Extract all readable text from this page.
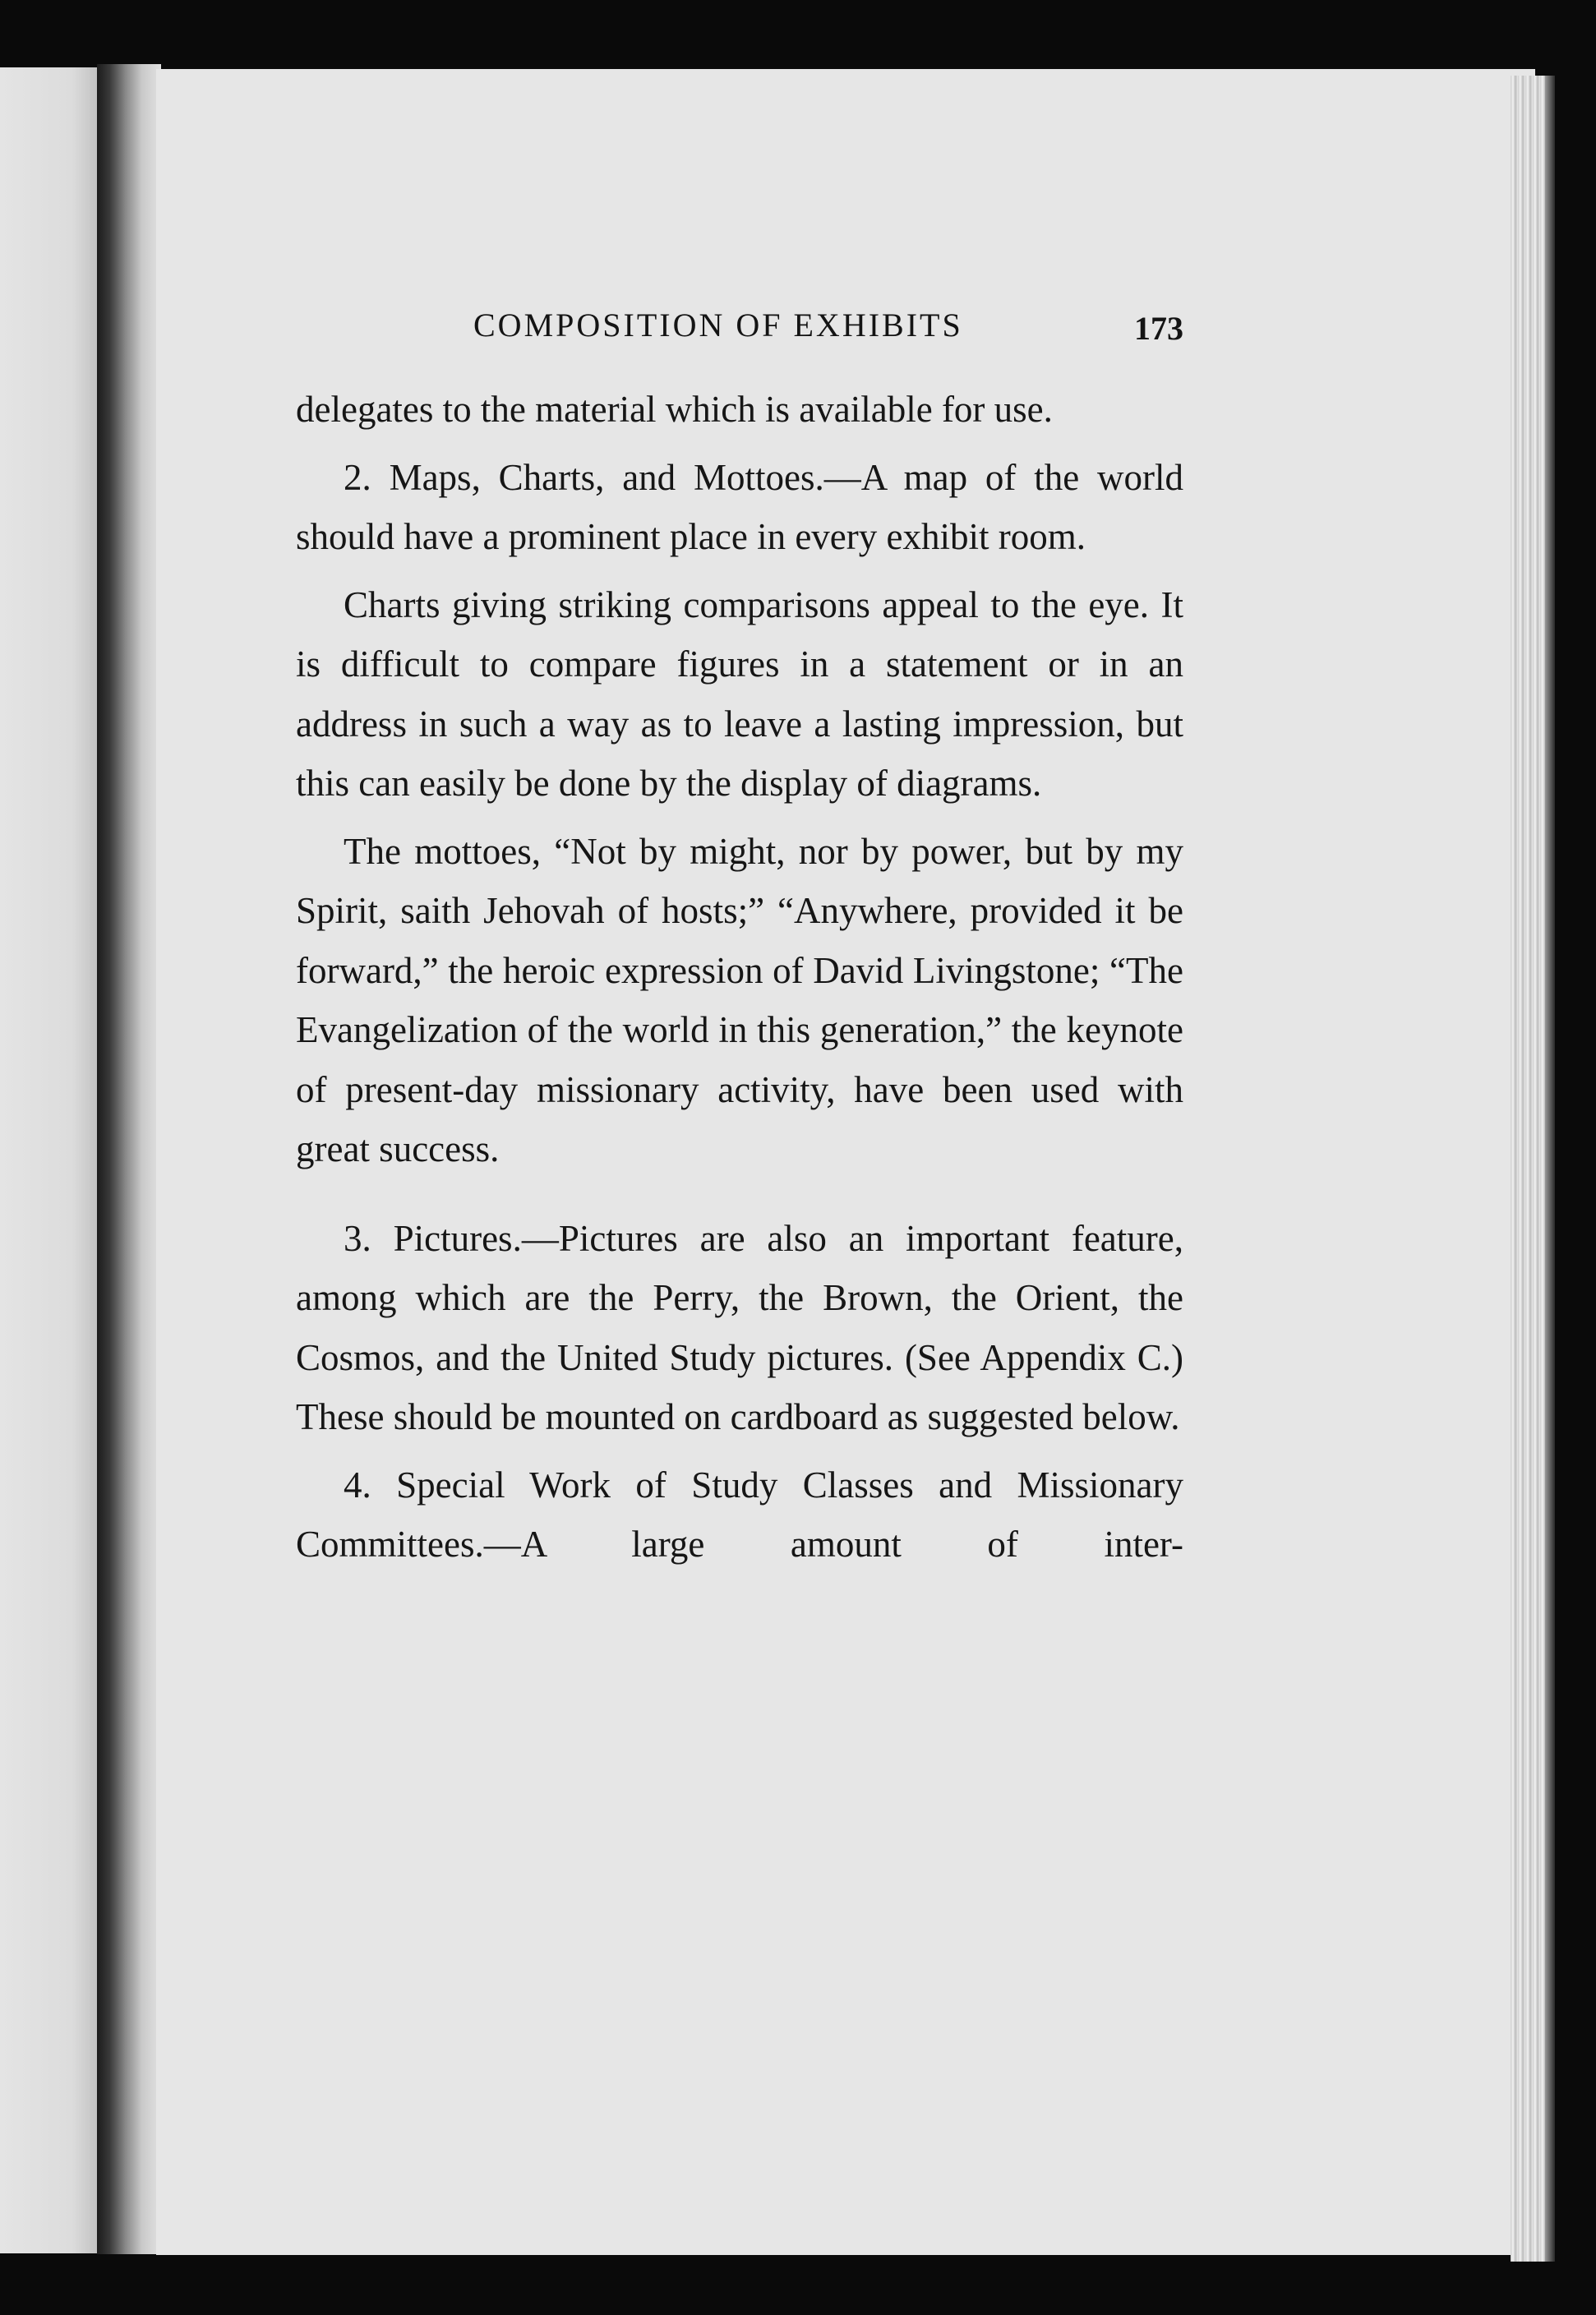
COMPOSITION OF EXHIBITS	173

delegates to the material which is available for use.

2. Maps, Charts, and Mottoes.—A map of the world should have a prominent place in every exhibit room.

Charts giving striking comparisons appeal to the eye. It is difficult to compare figures in a statement or in an address in such a way as to leave a lasting impression, but this can easily be done by the display of diagrams.

The mottoes, “Not by might, nor by power, but by my Spirit, saith Jehovah of hosts;” “Anywhere, provided it be forward,” the heroic expression of David Livingstone; “The Evangelization of the world in this generation,” the keynote of present-day missionary activity, have been used with great success.

3. Pictures.—Pictures are also an important feature, among which are the Perry, the Brown, the Orient, the Cosmos, and the United Study pictures. (See Appendix C.) These should be mounted on cardboard as suggested below.

4. Special Work of Study Classes and Missionary Committees.—A large amount of inter-
